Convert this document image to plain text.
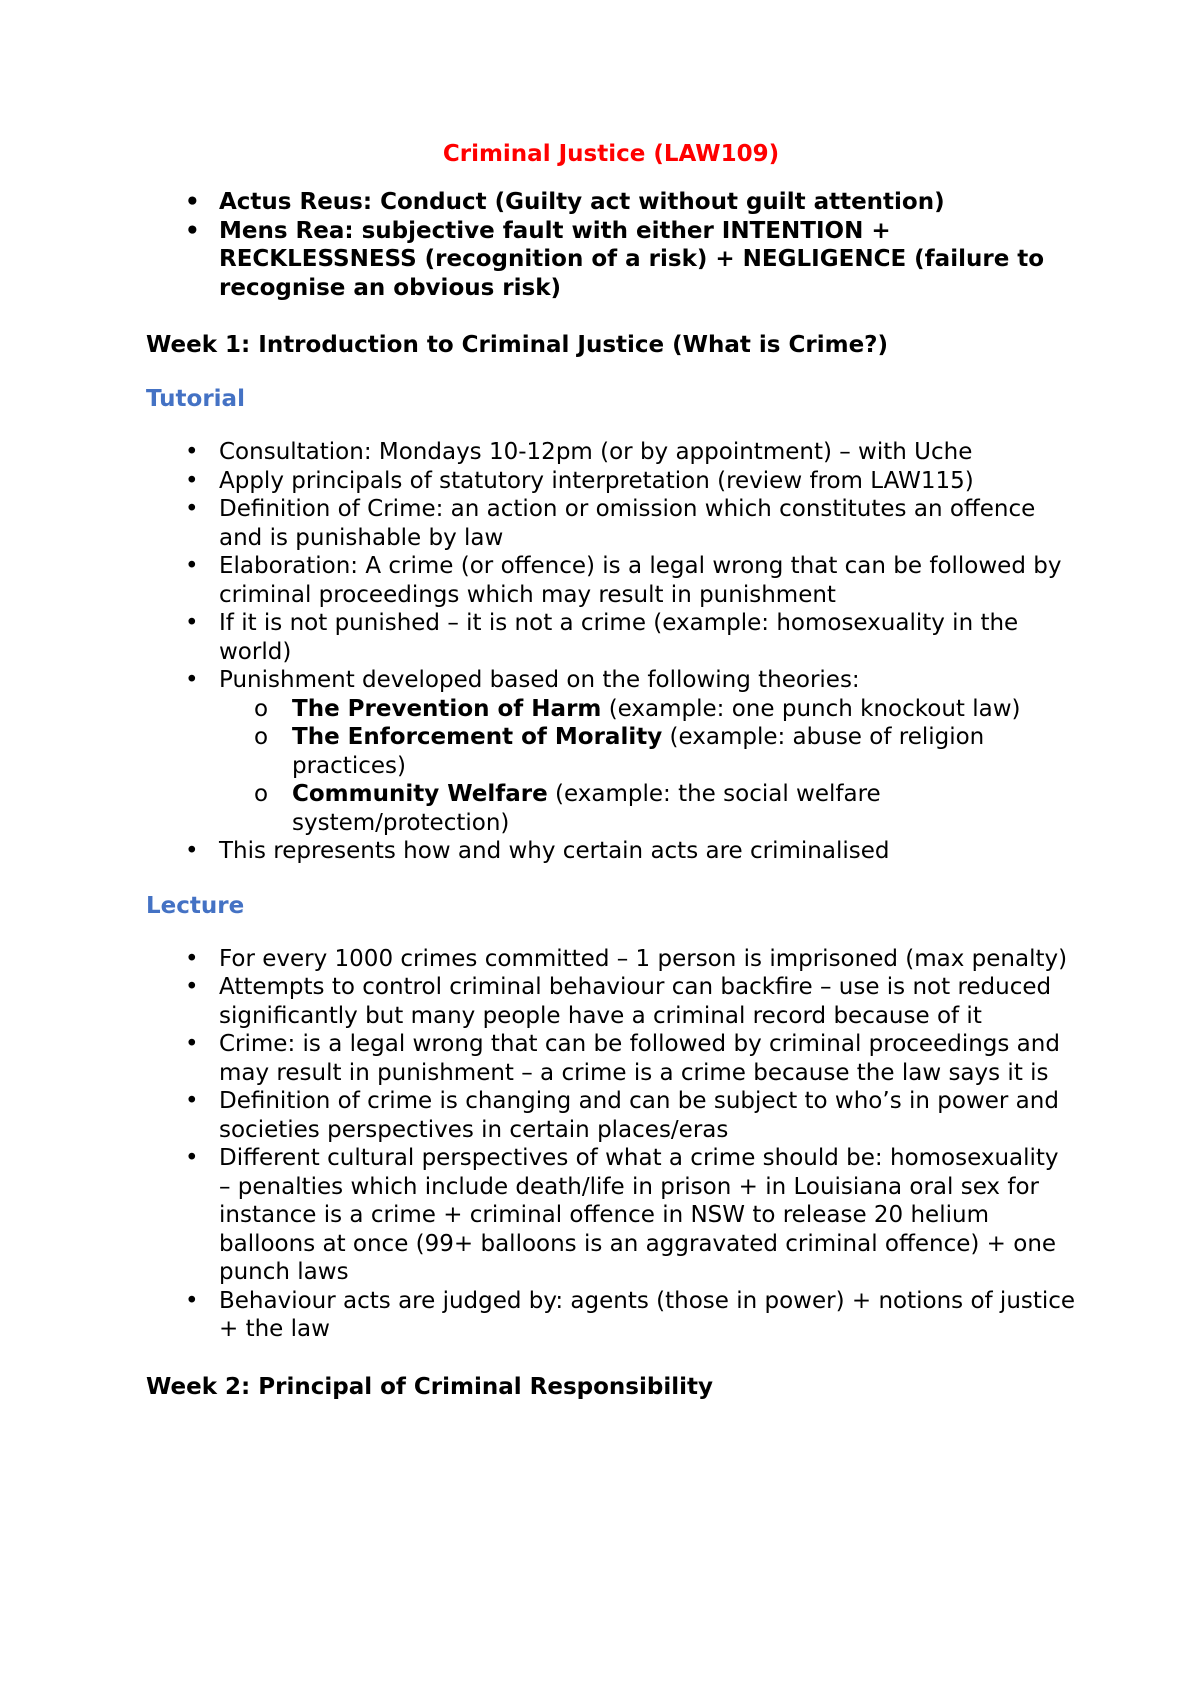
Criminal Justice (LAW109)
• Actus Reus: Conduct (Guilty act without guilt attention)
• Mens Rea: subjective fault with either INTENTION + RECKLESSNESS (recognition of a risk) + NEGLIGENCE (failure to recognise an obvious risk)
Week 1: Introduction to Criminal Justice (What is Crime?)
Tutorial
• Consultation: Mondays 10-12pm (or by appointment) – with Uche
• Apply principals of statutory interpretation (review from LAW115)
• Definition of Crime: an action or omission which constitutes an offence and is punishable by law
• Elaboration: A crime (or offence) is a legal wrong that can be followed by criminal proceedings which may result in punishment
• If it is not punished – it is not a crime (example: homosexuality in the world)
• Punishment developed based on the following theories:
o The Prevention of Harm (example: one punch knockout law)
o The Enforcement of Morality (example: abuse of religion practices)
o Community Welfare (example: the social welfare system/protection)
• This represents how and why certain acts are criminalised
Lecture
• For every 1000 crimes committed – 1 person is imprisoned (max penalty)
• Attempts to control criminal behaviour can backfire – use is not reduced significantly but many people have a criminal record because of it
• Crime: is a legal wrong that can be followed by criminal proceedings and may result in punishment – a crime is a crime because the law says it is
• Definition of crime is changing and can be subject to who’s in power and societies perspectives in certain places/eras
• Different cultural perspectives of what a crime should be: homosexuality – penalties which include death/life in prison + in Louisiana oral sex for instance is a crime + criminal offence in NSW to release 20 helium balloons at once (99+ balloons is an aggravated criminal offence) + one punch laws
• Behaviour acts are judged by: agents (those in power) + notions of justice + the law
Week 2: Principal of Criminal Responsibility
